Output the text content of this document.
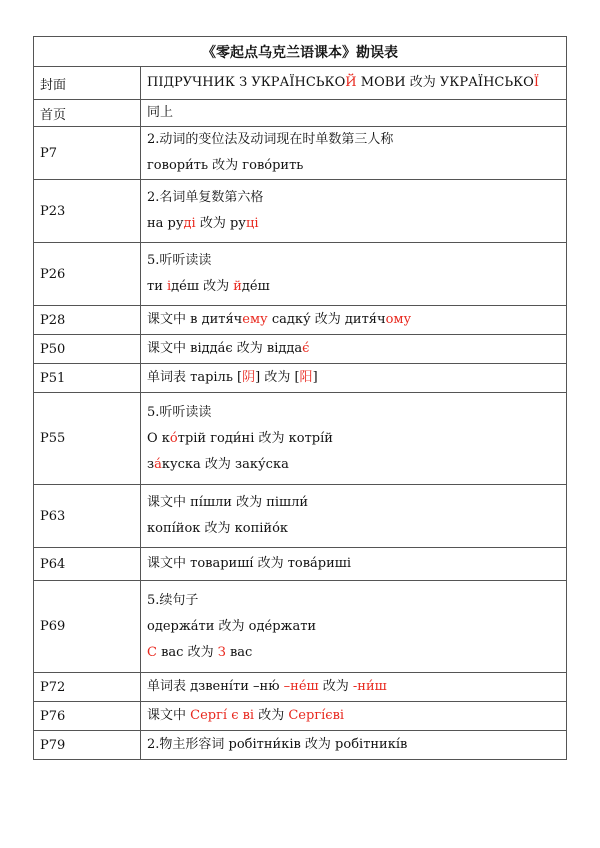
《零起点乌克兰语课本》勘误表	
封面	ПІДРУЧНИК З УКРАЇНСЬКОЙ МОВИ 改为 УКРАЇНСЬКОЇ

首页	同上

P7	2.动词的变位法及动词现在时单数第三人称
говори́ть 改为 гово́рить

P23	2.名词单复数第六格
на руді 改为 руці

P26	5.听听读读
ти іде́ш 改为 йде́ш

P28	课文中 в дитя́чему садку́ 改为 дитя́чому

P50	课文中 відда́є 改为 віддає́

P51	单词表 таріль [阴] 改为 [阳]

P55	5.听听读读
О ко́трій годи́ні 改为 котрі́й
за́куска 改为 заку́ска

P63	课文中 пі́шли 改为 пішли́
копі́йок 改为 копійо́к

P64	课文中 товариші́ 改为 това́риші

P69	5.续句子
одержа́ти 改为 оде́ржати
С вас 改为 З вас

P72	单词表 дзвені́ти –ню́ –не́ш 改为 -ни́ш

P76	课文中 Сергі́ є ві 改为 Сергі́єві

P79	2.物主形容词 робітни́ків 改为 робітникі́в
